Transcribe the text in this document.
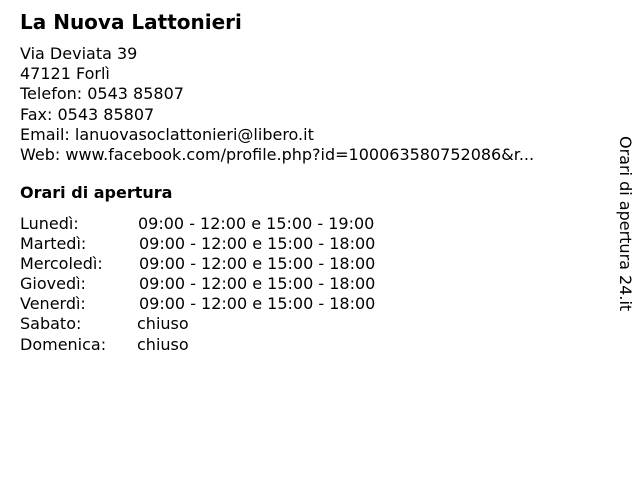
La Nuova Lattonieri
Via Deviata 39
47121 Forlì
Telefon: 0543 85807
Fax: 0543 85807
Email: lanuovasoclattonieri@libero.it
Web: www.facebook.com/profile.php?id=100063580752086&r...
Orari di apertura
Lunedì:	09:00 - 12:00 e 15:00 - 19:00
Martedì:	09:00 - 12:00 e 15:00 - 18:00
Mercoledì: 09:00 - 12:00 e 15:00 - 18:00
Giovedì:	09:00 - 12:00 e 15:00 - 18:00
Venerdì:	09:00 - 12:00 e 15:00 - 18:00
Sabato:	chiuso
Domenica: chiuso
Orari di apertura 24.it
